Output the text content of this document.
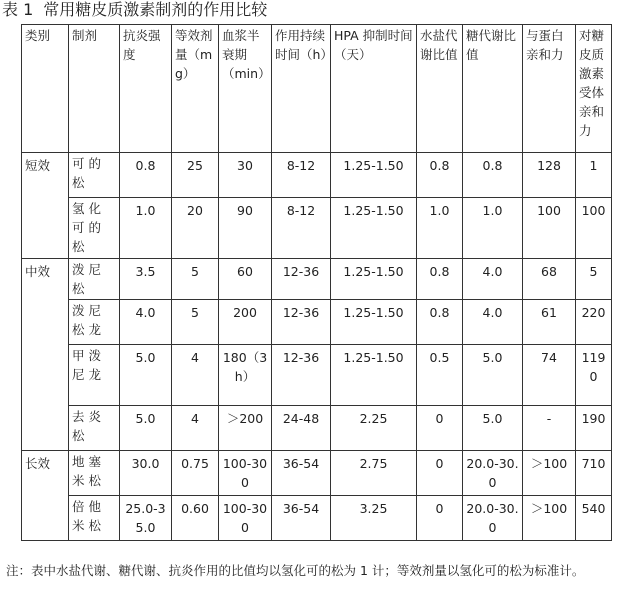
表 1 常用糖皮质激素制剂的作用比较
类别	制剂	抗炎强度	等效剂量（mg）	血浆半衰期（min）	作用持续时间（h）	HPA 抑制时间（天）	水盐代谢比值	糖代谢比值	与蛋白亲和力	对糖皮质激素受体亲和力
短效	可的松	0.8	25	30	8-12	1.25-1.50	0.8	0.8	128	1
	氢化可的松	1.0	20	90	8-12	1.25-1.50	1.0	1.0	100	100
中效	泼尼松	3.5	5	60	12-36	1.25-1.50	0.8	4.0	68	5
	泼尼松龙	4.0	5	200	12-36	1.25-1.50	0.8	4.0	61	220
	甲泼尼龙	5.0	4	180（3h）	12-36	1.25-1.50	0.5	5.0	74	1190
	去炎松	5.0	4	＞200	24-48	2.25	0	5.0	-	190
长效	地塞米松	30.0	0.75	100-300	36-54	2.75	0	20.0-30.0	＞100	710
	倍他米松	25.0-35.0	0.60	100-300	36-54	3.25	0	20.0-30.0	＞100	540
注：表中水盐代谢、糖代谢、抗炎作用的比值均以氢化可的松为 1 计；等效剂量以氢化可的松为标准计。
